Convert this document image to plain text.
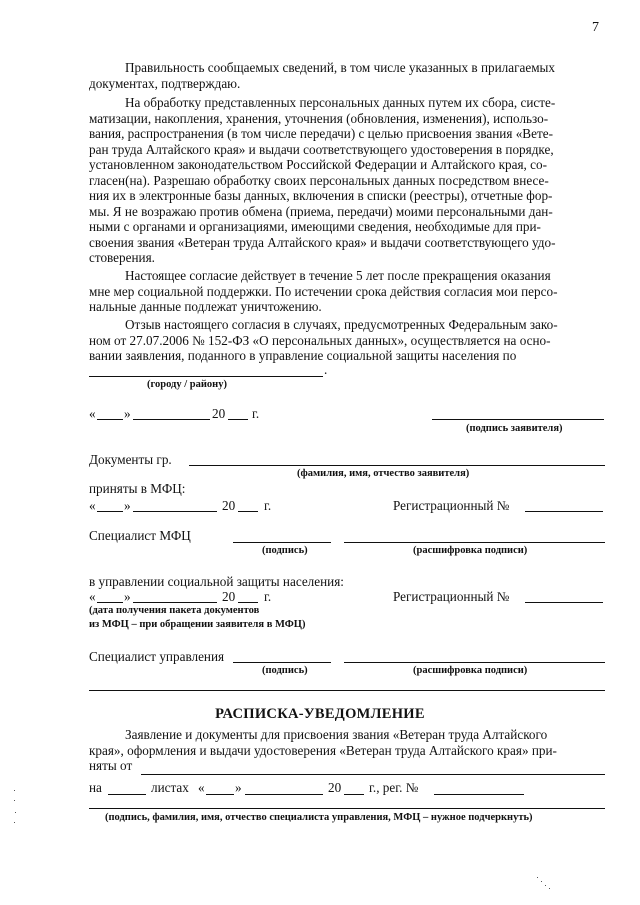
7
Правильность сообщаемых сведений, в том числе указанных в прилагаемых
документах, подтверждаю.
На обработку представленных персональных данных путем их сбора, систе-
матизации, накопления, хранения, уточнения (обновления, изменения), использо-
вания, распространения (в том числе передачи) с целью присвоения звания «Вете-
ран труда Алтайского края» и выдачи соответствующего удостоверения в порядке,
установленном законодательством Российской Федерации и Алтайского края, со-
гласен(на). Разрешаю обработку своих персональных данных посредством внесе-
ния их в электронные базы данных, включения в списки (реестры), отчетные фор-
мы. Я не возражаю против обмена (приема, передачи) моими персональными дан-
ными с органами и организациями, имеющими сведения, необходимые для при-
своения звания «Ветеран труда Алтайского края» и выдачи соответствующего удо-
стоверения.
Настоящее согласие действует в течение 5 лет после прекращения оказания
мне мер социальной поддержки. По истечении срока действия согласия мои персо-
нальные данные подлежат уничтожению.
Отзыв настоящего согласия в случаях, предусмотренных Федеральным зако-
ном от 27.07.2006 № 152-ФЗ «О персональных данных», осуществляется на осно-
вании заявления, поданного в управление социальной защиты населения по
.
(городу / району)
« »	20 г.
(подпись заявителя)
Документы гр.
(фамилия, имя, отчество заявителя)
приняты в МФЦ:
« »	20 г.	Регистрационный №
Специалист МФЦ
(подпись)	(расшифровка подписи)
в управлении социальной защиты населения:
« »	20 г.	Регистрационный №
(дата получения пакета документов
из МФЦ – при обращении заявителя в МФЦ)
Специалист управления
(подпись)	(расшифровка подписи)
РАСПИСКА-УВЕДОМЛЕНИЕ
Заявление и документы для присвоения звания «Ветеран труда Алтайского
края», оформления и выдачи удостоверения «Ветеран труда Алтайского края» при-
няты от
на	листах « »	20 г., рег. №
(подпись, фамилия, имя, отчество специалиста управления, МФЦ – нужное подчеркнуть)
